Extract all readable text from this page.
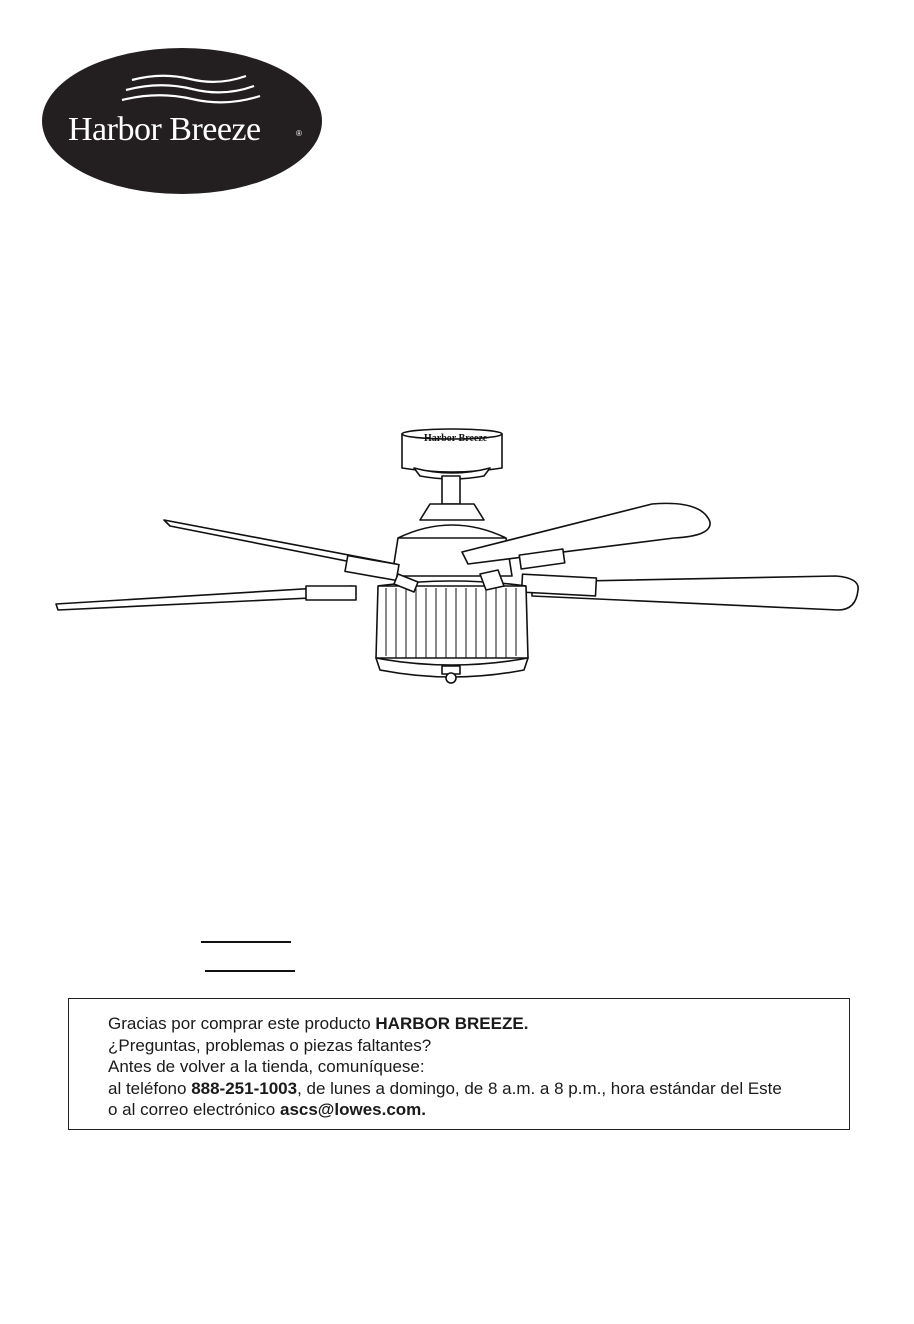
Harbor Breeze	®
Harbor Breeze
Gracias por comprar este producto HARBOR BREEZE.
¿Preguntas, problemas o piezas faltantes?
Antes de volver a la tienda, comuníquese:
al teléfono 888-251-1003, de lunes a domingo, de 8 a.m. a 8 p.m., hora estándar del Este
o al correo electrónico ascs@lowes.com.
